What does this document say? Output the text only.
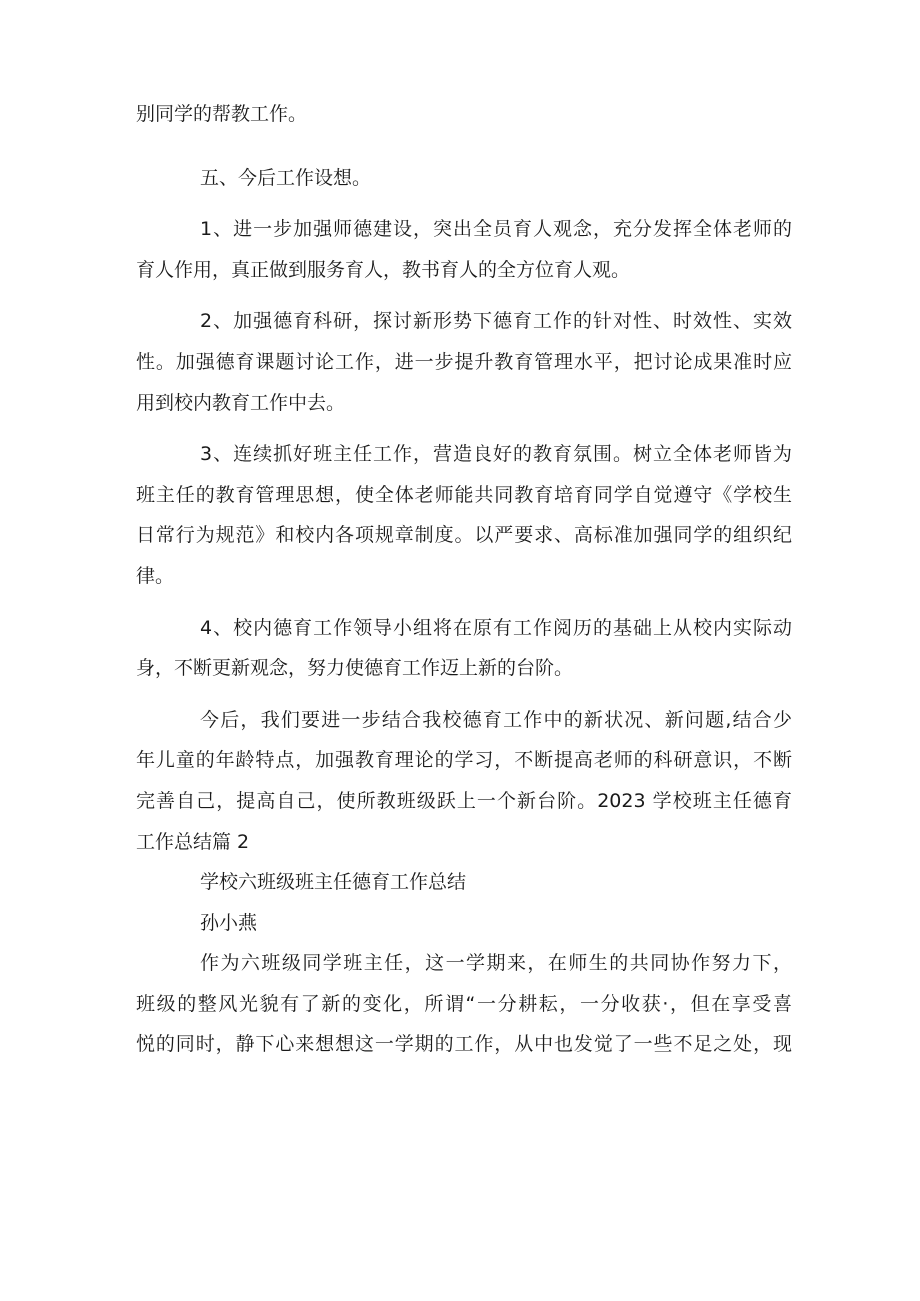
别同学的帮教工作。
五、今后工作设想。
1、进一步加强师德建设，突出全员育人观念，充分发挥全体老师的
育人作用，真正做到服务育人，教书育人的全方位育人观。
2、加强德育科研，探讨新形势下德育工作的针对性、时效性、实效
性。加强德育课题讨论工作，进一步提升教育管理水平，把讨论成果准时应
用到校内教育工作中去。
3、连续抓好班主任工作，营造良好的教育氛围。树立全体老师皆为
班主任的教育管理思想，使全体老师能共同教育培育同学自觉遵守《学校生
日常行为规范》和校内各项规章制度。以严要求、高标准加强同学的组织纪
律。
4、校内德育工作领导小组将在原有工作阅历的基础上从校内实际动
身，不断更新观念，努力使德育工作迈上新的台阶。
今后，我们要进一步结合我校德育工作中的新状况、新问题,结合少
年儿童的年龄特点，加强教育理论的学习，不断提高老师的科研意识，不断
完善自己，提高自己，使所教班级跃上一个新台阶。2023 学校班主任德育
工作总结篇 2
学校六班级班主任德育工作总结
孙小燕
作为六班级同学班主任，这一学期来，在师生的共同协作努力下，
班级的整风光貌有了新的变化，所谓“一分耕耘，一分收获·，但在享受喜
悦的同时，静下心来想想这一学期的工作，从中也发觉了一些不足之处，现
